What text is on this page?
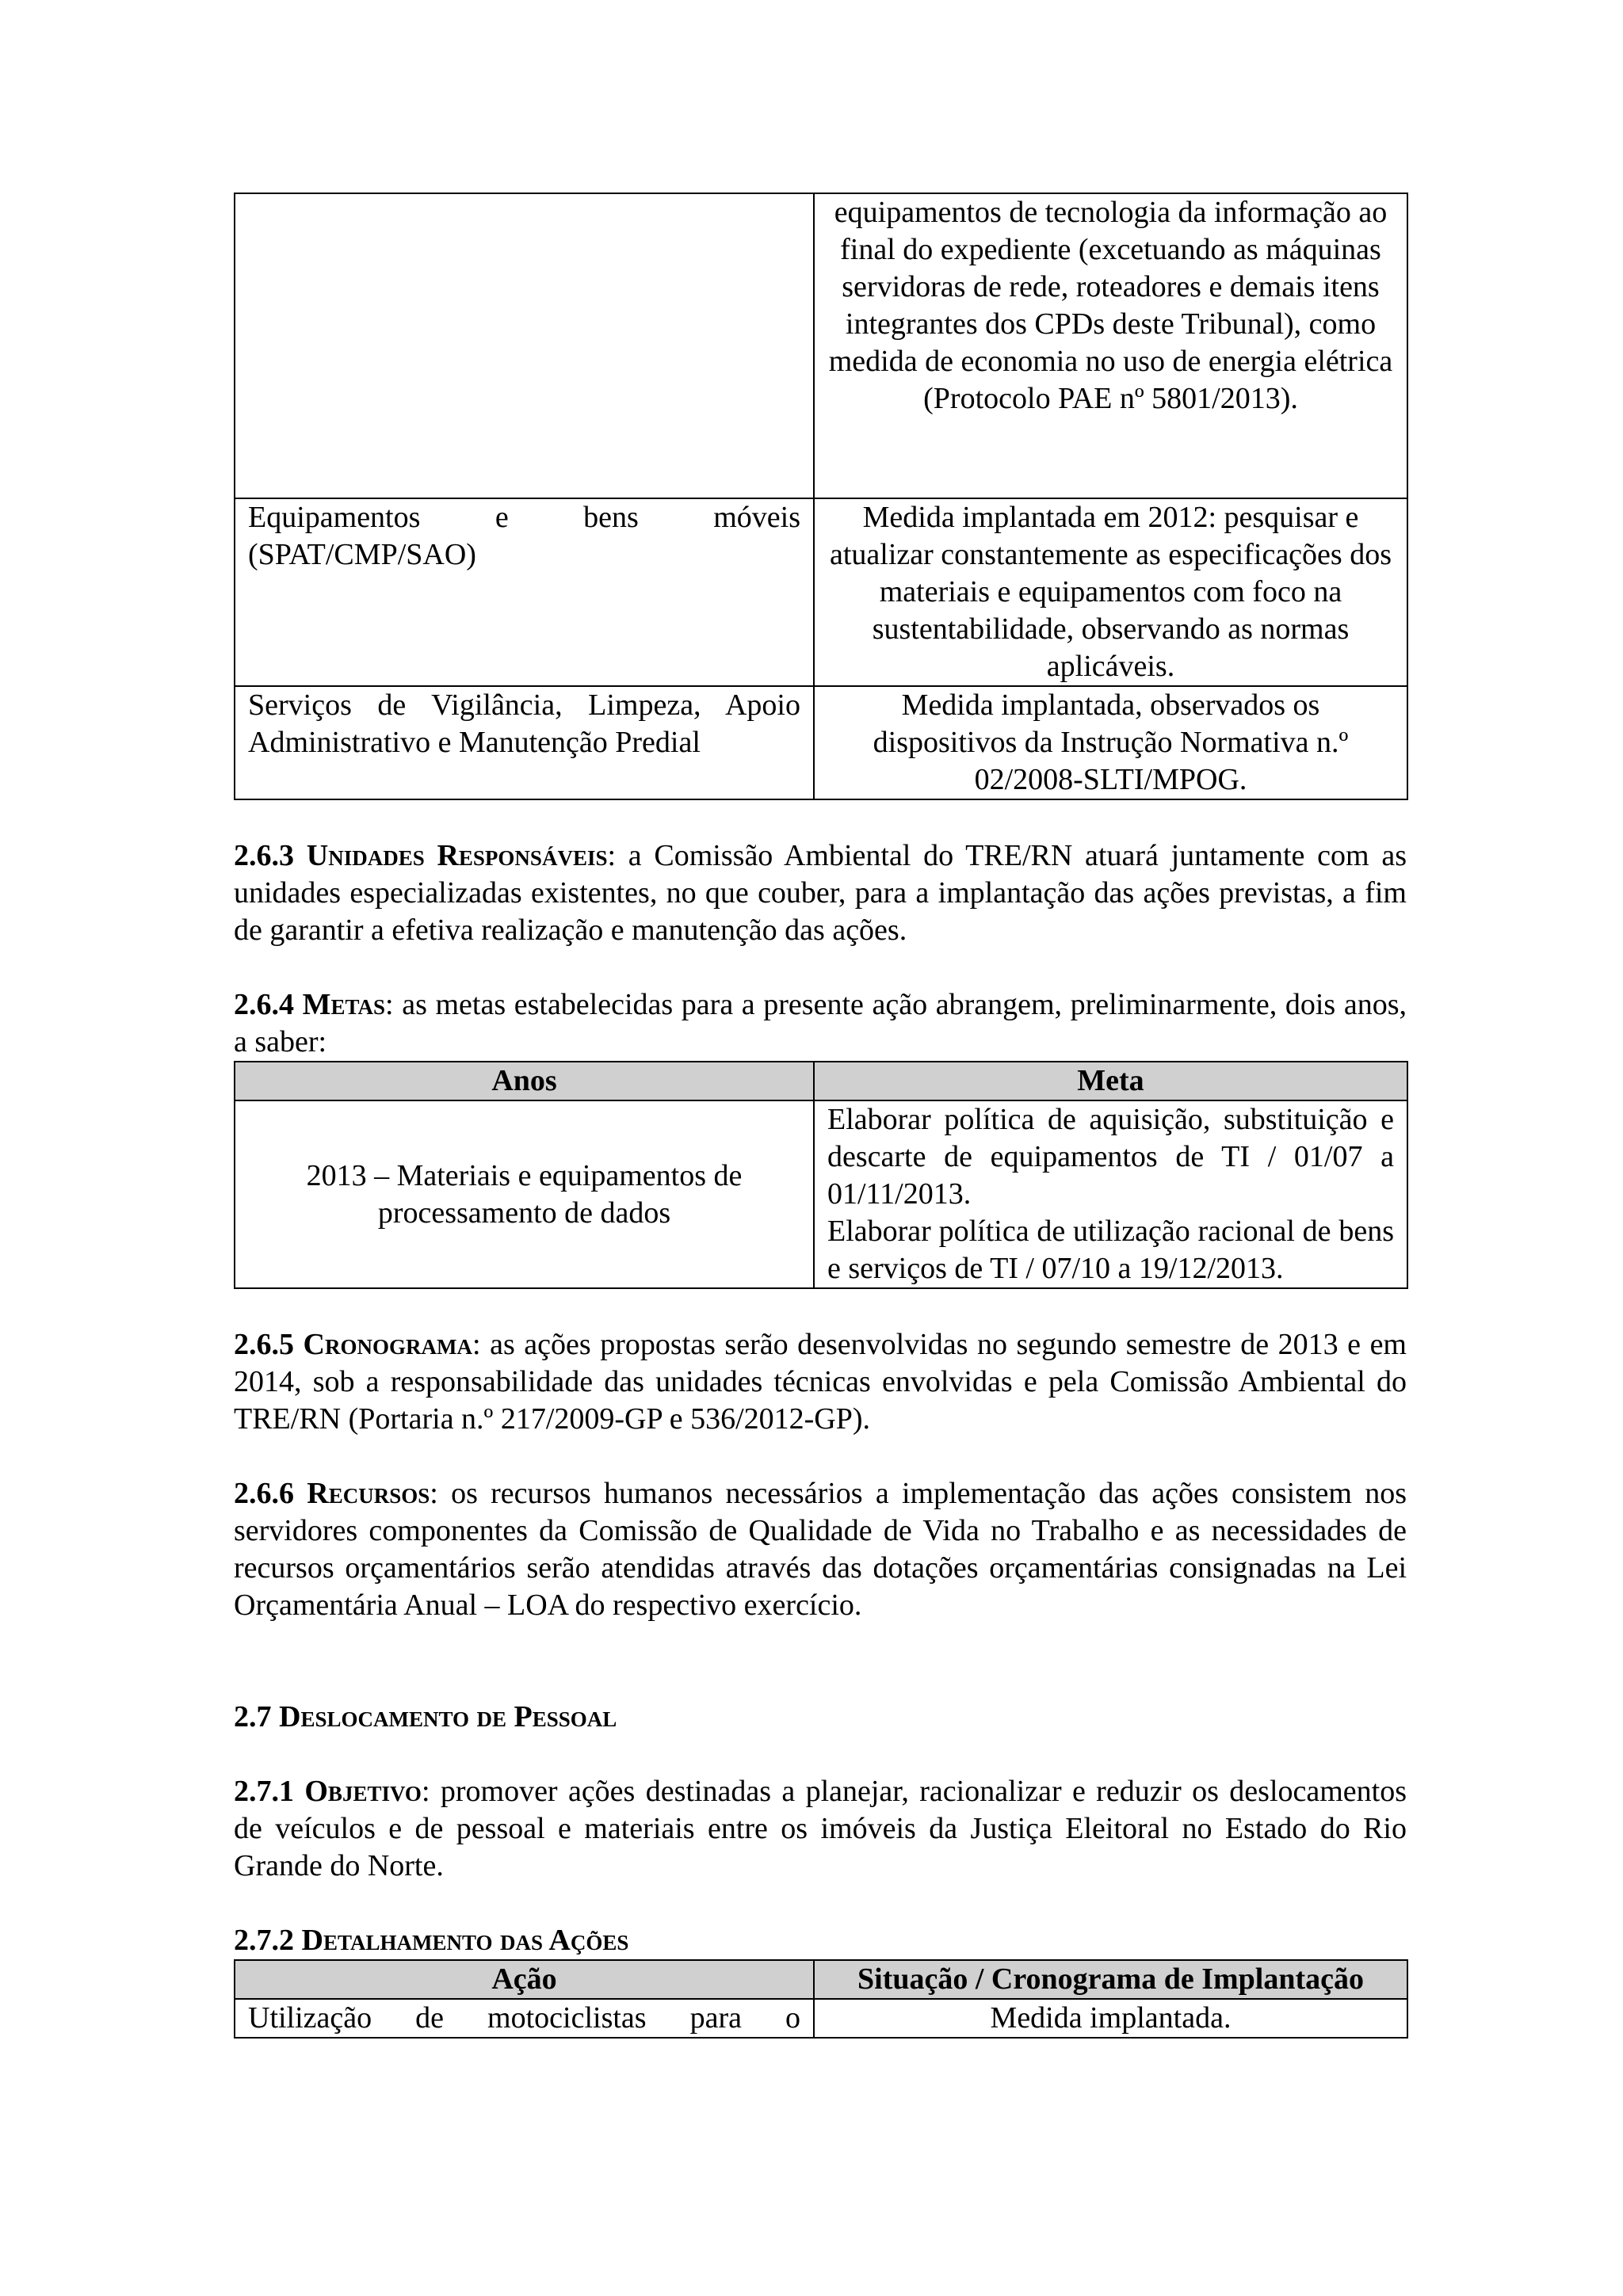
	equipamentos de tecnologia da informação ao final do expediente (excetuando as máquinas servidoras de rede, roteadores e demais itens integrantes dos CPDs deste Tribunal), como medida de economia no uso de energia elétrica (Protocolo PAE nº 5801/2013).

Equipamentos e bens móveis (SPAT/CMP/SAO)	Medida implantada em 2012: pesquisar e atualizar constantemente as especificações dos materiais e equipamentos com foco na sustentabilidade, observando as normas aplicáveis.
Serviços de Vigilância, Limpeza, Apoio Administrativo e Manutenção Predial	Medida implantada, observados os dispositivos da Instrução Normativa n.º 02/2008-SLTI/MPOG.

2.6.3 Unidades Responsáveis: a Comissão Ambiental do TRE/RN atuará juntamente com as unidades especializadas existentes, no que couber, para a implantação das ações previstas, a fim de garantir a efetiva realização e manutenção das ações.

2.6.4 Metas: as metas estabelecidas para a presente ação abrangem, preliminarmente, dois anos, a saber:

Anos	Meta
2013 – Materiais e equipamentos de processamento de dados	Elaborar política de aquisição, substituição e descarte de equipamentos de TI / 01/07 a 01/11/2013.
Elaborar política de utilização racional de bens e serviços de TI / 07/10 a 19/12/2013.

2.6.5 Cronograma: as ações propostas serão desenvolvidas no segundo semestre de 2013 e em 2014, sob a responsabilidade das unidades técnicas envolvidas e pela Comissão Ambiental do TRE/RN (Portaria n.º 217/2009-GP e 536/2012-GP).

2.6.6 Recursos: os recursos humanos necessários a implementação das ações consistem nos servidores componentes da Comissão de Qualidade de Vida no Trabalho e as necessidades de recursos orçamentários serão atendidas através das dotações orçamentárias consignadas na Lei Orçamentária Anual – LOA do respectivo exercício.

2.7 Deslocamento de Pessoal

2.7.1 Objetivo: promover ações destinadas a planejar, racionalizar e reduzir os deslocamentos de veículos e de pessoal e materiais entre os imóveis da Justiça Eleitoral no Estado do Rio Grande do Norte.

2.7.2 Detalhamento das Ações

Ação	Situação / Cronograma de Implantação
Utilização de motociclistas para o	Medida implantada.
